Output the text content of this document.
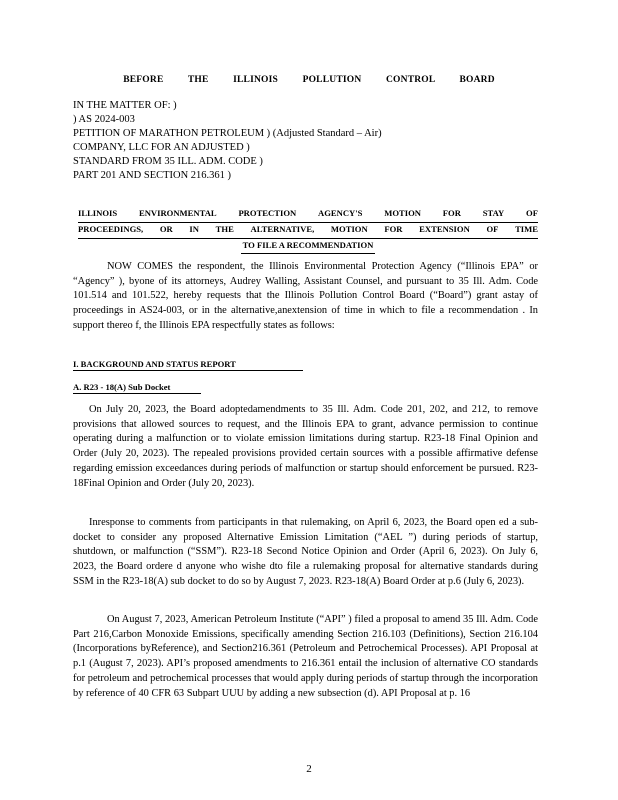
BEFORE THE ILLINOIS POLLUTION CONTROL BOARD
IN THE MATTER OF: )
) AS 2024-003
PETITION OF MARATHON PETROLEUM ) (Adjusted Standard – Air)
COMPANY, LLC FOR AN ADJUSTED )
STANDARD FROM 35 ILL. ADM. CODE )
PART 201 AND SECTION 216.361 )
ILLINOIS	ENVIRONMENTAL	PROTECTION	AGENCY'S	MOTION	FOR	STAY	OF
PROCEEDINGS, OR IN THE ALTERNATIVE, MOTION FOR EXTENSION OF TIME
TO FILE A RECOMMENDATION

NOW COMES the respondent, the Illinois Environmental Protection Agency (“Illinois EPA” or “Agency” ), byone of its attorneys, Audrey Walling, Assistant Counsel, and pursuant to 35 Ill. Adm. Code 101.514 and 101.522, hereby requests that the Illinois Pollution Control Board (“Board”) grant astay of proceedings in AS24-003, or in the alternative,anextension of time in which to file a recommendation . In support thereo f, the Illinois EPA respectfully states as follows:

I. BACKGROUND AND STATUS REPORT
A. R23 - 18(A) Sub Docket

On July 20, 2023, the Board adoptedamendments to 35 Ill. Adm. Code 201, 202, and 212, to remove provisions that allowed sources to request, and the Illinois EPA to grant, advance permission to continue operating during a malfunction or to violate emission limitations during startup. R23-18 Final Opinion and Order (July 20, 2023). The repealed provisions provided certain sources with a possible affirmative defense regarding emission exceedances during periods of malfunction or startup should enforcement be pursued. R23-18Final Opinion and Order (July 20, 2023).

Inresponse to comments from participants in that rulemaking, on April 6, 2023, the Board open ed a sub-docket to consider any proposed Alternative Emission Limitation (“AEL ”) during periods of startup, shutdown, or malfunction (“SSM”). R23-18 Second Notice Opinion and Order (April 6, 2023). On July 6, 2023, the Board ordere d anyone who wishe dto file a rulemaking proposal for alternative standards during SSM in the R23-18(A) sub docket to do so by August 7, 2023. R23-18(A) Board Order at p.6 (July 6, 2023).

On August 7, 2023, American Petroleum Institute (“API” ) filed a proposal to amend 35 Ill. Adm. Code Part 216,Carbon Monoxide Emissions, specifically amending Section 216.103 (Definitions), Section 216.104 (Incorporations byReference), and Section216.361 (Petroleum and Petrochemical Processes). API Proposal at p.1 (August 7, 2023). API’s proposed amendments to 216.361 entail the inclusion of alternative CO standards for petroleum and petrochemical processes that would apply during periods of startup through the incorporation by reference of 40 CFR 63 Subpart UUU by adding a new subsection (d). API Proposal at p. 16

2
